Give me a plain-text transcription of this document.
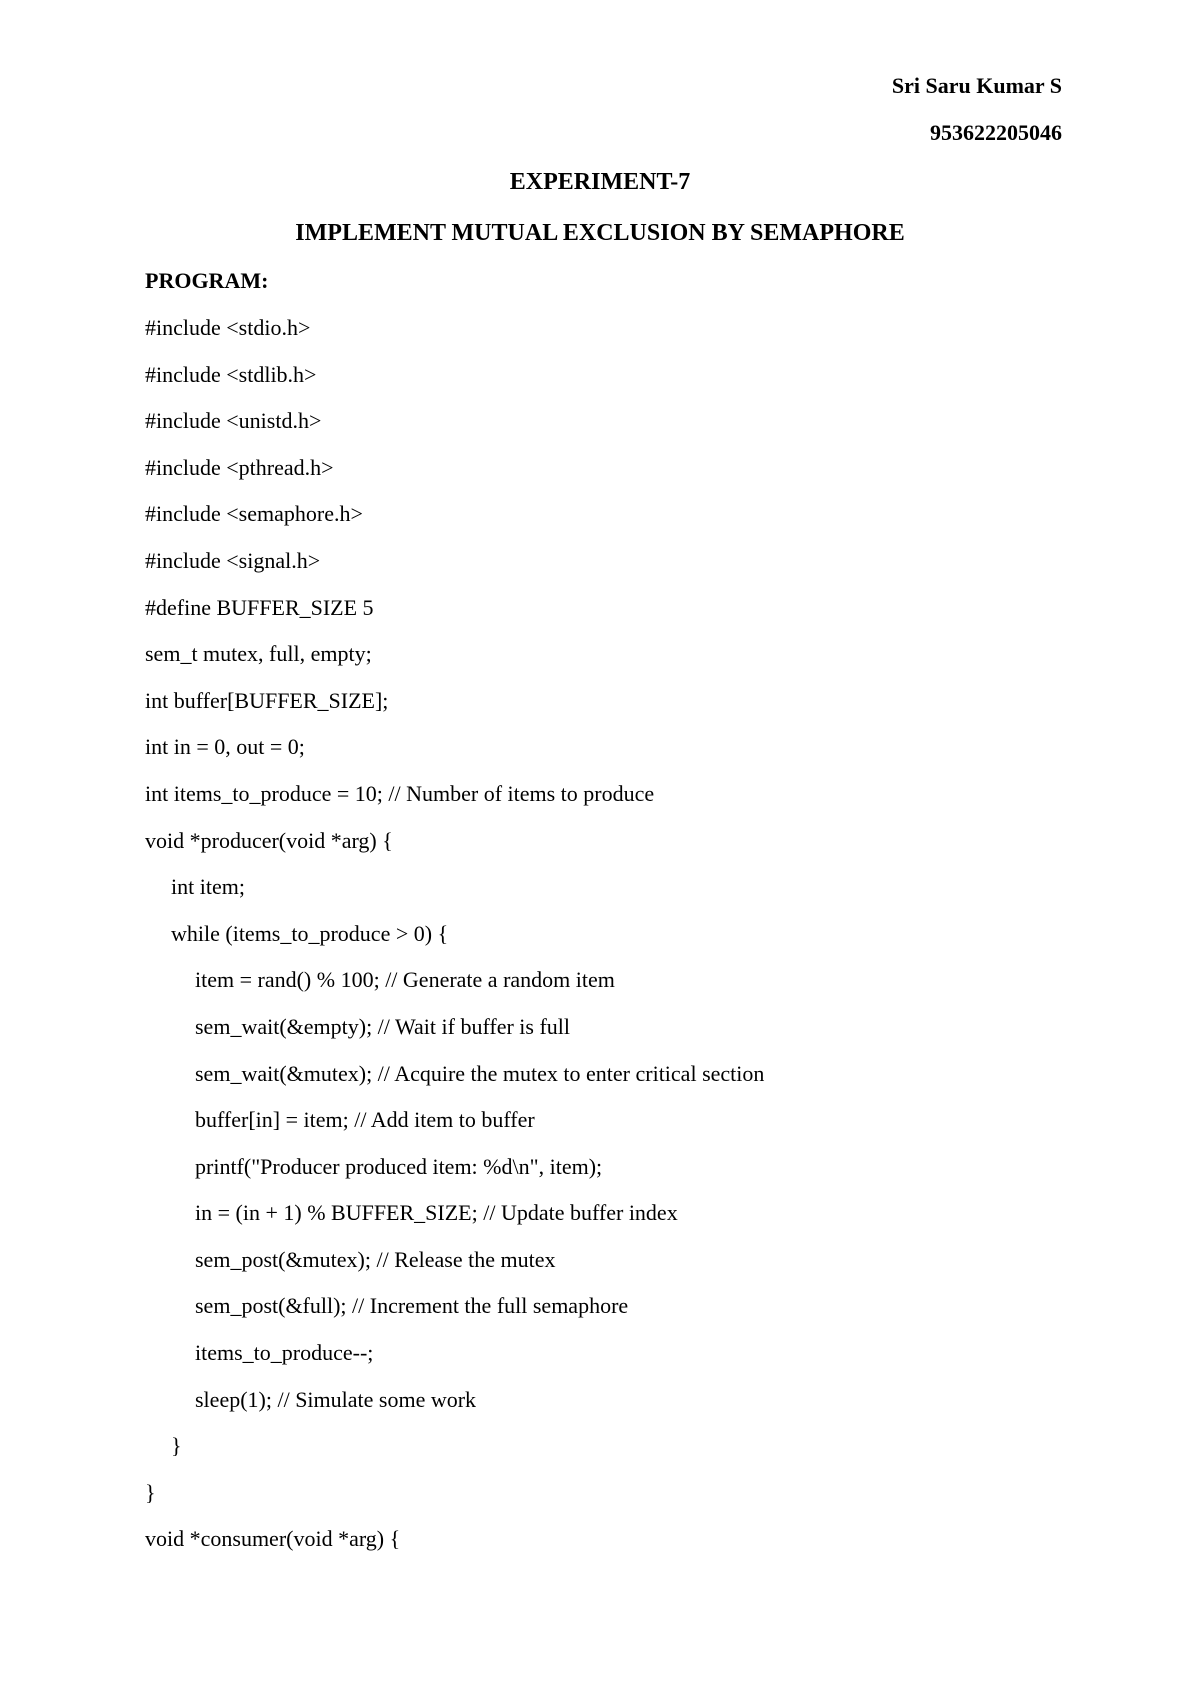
Sri Saru Kumar S
953622205046
EXPERIMENT-7
IMPLEMENT MUTUAL EXCLUSION BY SEMAPHORE
PROGRAM:
#include <stdio.h>
#include <stdlib.h>
#include <unistd.h>
#include <pthread.h>
#include <semaphore.h>
#include <signal.h>
#define BUFFER_SIZE 5
sem_t mutex, full, empty;
int buffer[BUFFER_SIZE];
int in = 0, out = 0;
int items_to_produce = 10; // Number of items to produce
void *producer(void *arg) {
int item;
while (items_to_produce > 0) {
item = rand() % 100; // Generate a random item
sem_wait(&empty); // Wait if buffer is full
sem_wait(&mutex); // Acquire the mutex to enter critical section
buffer[in] = item; // Add item to buffer
printf("Producer produced item: %d\n", item);
in = (in + 1) % BUFFER_SIZE; // Update buffer index
sem_post(&mutex); // Release the mutex
sem_post(&full); // Increment the full semaphore
items_to_produce--;
sleep(1); // Simulate some work
}
}
void *consumer(void *arg) {
